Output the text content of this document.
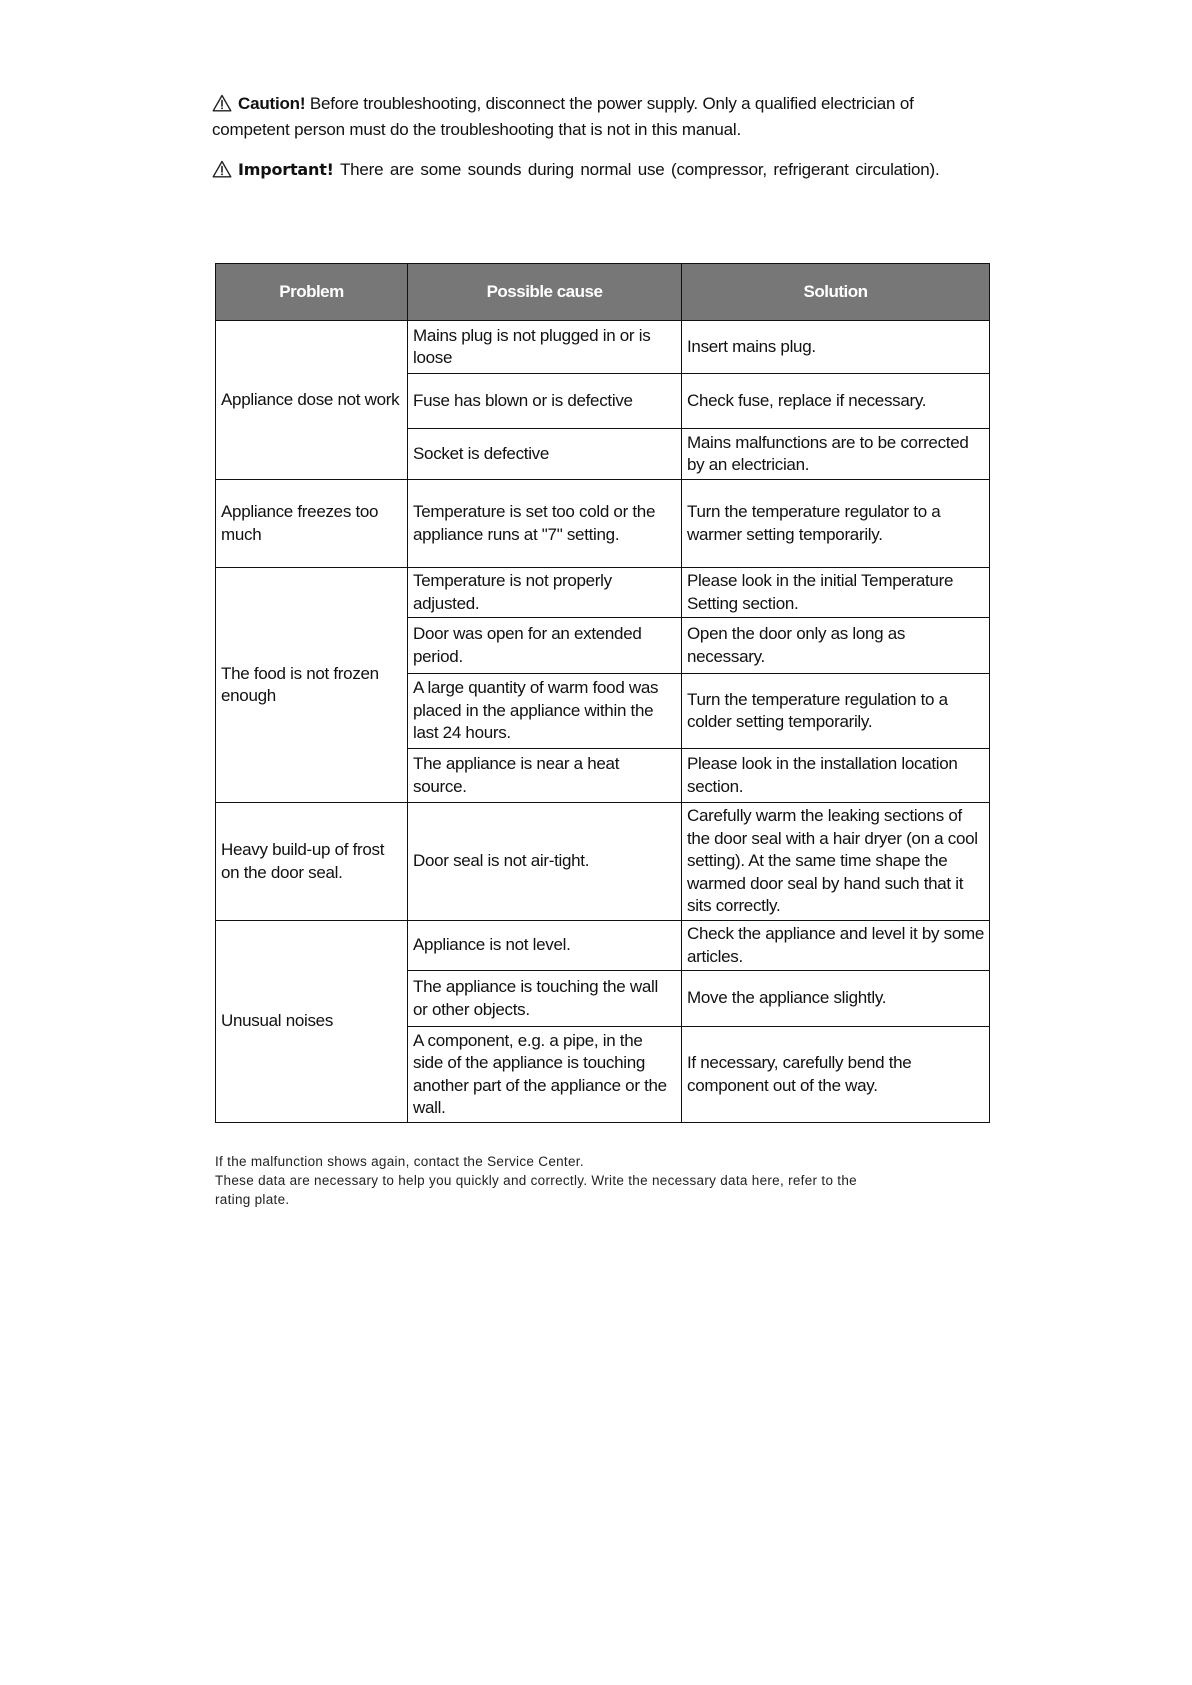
Caution! Before troubleshooting, disconnect the power supply. Only a qualified electrician of competent person must do the troubleshooting that is not in this manual.
Important! There are some sounds during normal use (compressor, refrigerant circulation).
Problem	Possible cause	Solution
Appliance dose not work	Mains plug is not plugged in or is loose	Insert mains plug.
	Fuse has blown or is defective	Check fuse, replace if necessary.
	Socket is defective	Mains malfunctions are to be corrected by an electrician.
Appliance freezes too much	Temperature is set too cold or the appliance runs at "7" setting.	Turn the temperature regulator to a warmer setting temporarily.
The food is not frozen enough	Temperature is not properly adjusted.	Please look in the initial Temperature Setting section.
	Door was open for an extended period.	Open the door only as long as necessary.
	A large quantity of warm food was placed in the appliance within the last 24 hours.	Turn the temperature regulation to a colder setting temporarily.
	The appliance is near a heat source.	Please look in the installation location section.
Heavy build-up of frost on the door seal.	Door seal is not air-tight.	Carefully warm the leaking sections of the door seal with a hair dryer (on a cool setting). At the same time shape the warmed door seal by hand such that it sits correctly.
Unusual noises	Appliance is not level.	Check the appliance and level it by some articles.
	The appliance is touching the wall or other objects.	Move the appliance slightly.
	A component, e.g. a pipe, in the side of the appliance is touching another part of the appliance or the wall.	If necessary, carefully bend the component out of the way.
If the malfunction shows again, contact the Service Center.
These data are necessary to help you quickly and correctly. Write the necessary data here, refer to the
rating plate.
